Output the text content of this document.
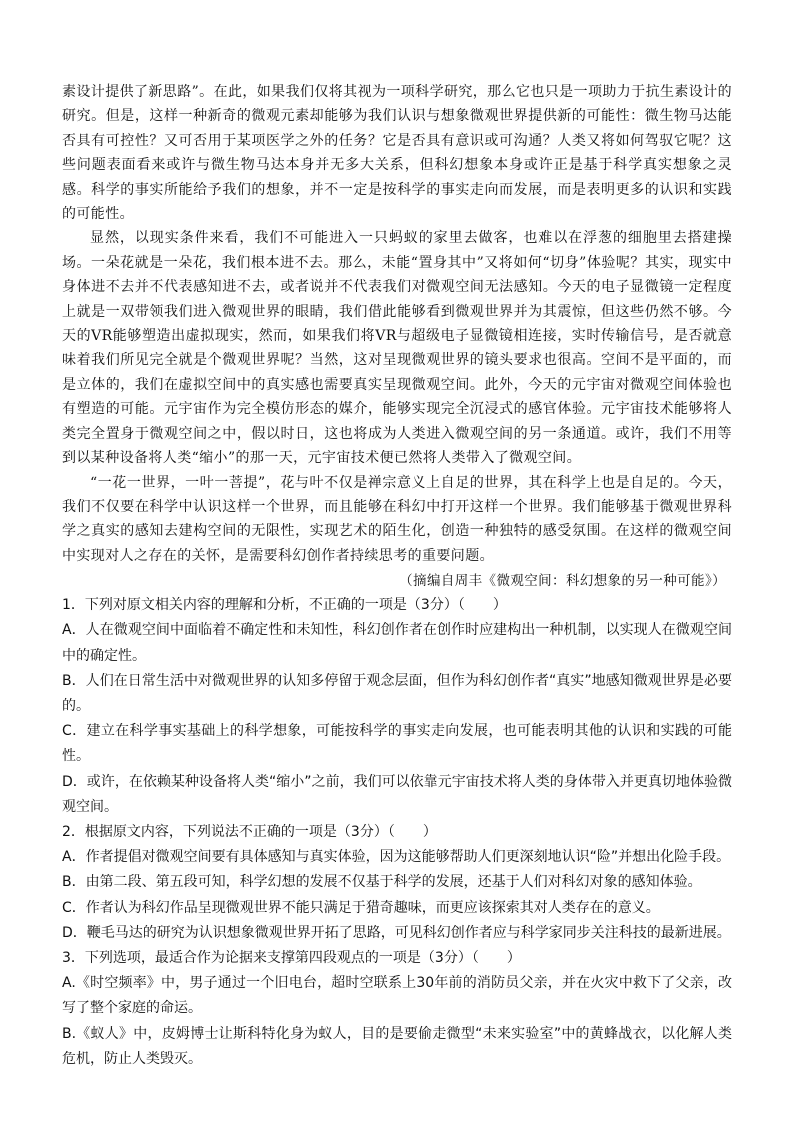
素设计提供了新思路”。在此，如果我们仅将其视为一项科学研究，那么它也只是一项助力于抗生素设计的研究。但是，这样一种新奇的微观元素却能够为我们认识与想象微观世界提供新的可能性：微生物马达能否具有可控性？又可否用于某项医学之外的任务？它是否具有意识或可沟通？人类又将如何驾驭它呢？这些问题表面看来或许与微生物马达本身并无多大关系，但科幻想象本身或许正是基于科学真实想象之灵感。科学的事实所能给予我们的想象，并不一定是按科学的事实走向而发展，而是表明更多的认识和实践的可能性。

显然，以现实条件来看，我们不可能进入一只蚂蚁的家里去做客，也难以在浮葱的细胞里去搭建操场。一朵花就是一朵花，我们根本进不去。那么，未能“置身其中”又将如何“切身”体验呢？其实，现实中身体进不去并不代表感知进不去，或者说并不代表我们对微观空间无法感知。今天的电子显微镜一定程度上就是一双带领我们进入微观世界的眼睛，我们借此能够看到微观世界并为其震惊，但这些仍然不够。今天的VR能够塑造出虚拟现实，然而，如果我们将VR与超级电子显微镜相连接，实时传输信号，是否就意味着我们所见完全就是个微观世界呢？当然，这对呈现微观世界的镜头要求也很高。空间不是平面的，而是立体的，我们在虚拟空间中的真实感也需要真实呈现微观空间。此外，今天的元宇宙对微观空间体验也有塑造的可能。元宇宙作为完全模仿形态的媒介，能够实现完全沉浸式的感官体验。元宇宙技术能够将人类完全置身于微观空间之中，假以时日，这也将成为人类进入微观空间的另一条通道。或许，我们不用等到以某种设备将人类“缩小”的那一天，元宇宙技术便已然将人类带入了微观空间。

“一花一世界，一叶一菩提”，花与叶不仅是禅宗意义上自足的世界，其在科学上也是自足的。今天，我们不仅要在科学中认识这样一个世界，而且能够在科幻中打开这样一个世界。我们能够基于微观世界科学之真实的感知去建构空间的无限性，实现艺术的陌生化，创造一种独特的感受氛围。在这样的微观空间中实现对人之存在的关怀，是需要科幻创作者持续思考的重要问题。

（摘编自周丰《微观空间：科幻想象的另一种可能》）

1．下列对原文相关内容的理解和分析，不正确的一项是（3分）（　　）

A．人在微观空间中面临着不确定性和未知性，科幻创作者在创作时应建构出一种机制，以实现人在微观空间中的确定性。

B．人们在日常生活中对微观世界的认知多停留于观念层面，但作为科幻创作者“真实”地感知微观世界是必要的。

C．建立在科学事实基础上的科学想象，可能按科学的事实走向发展，也可能表明其他的认识和实践的可能性。

D．或许，在依赖某种设备将人类“缩小”之前，我们可以依靠元宇宙技术将人类的身体带入并更真切地体验微观空间。

2．根据原文内容，下列说法不正确的一项是（3分）（　　）

A．作者提倡对微观空间要有具体感知与真实体验，因为这能够帮助人们更深刻地认识“险”并想出化险手段。

B．由第二段、第五段可知，科学幻想的发展不仅基于科学的发展，还基于人们对科幻对象的感知体验。

C．作者认为科幻作品呈现微观世界不能只满足于猎奇趣味，而更应该探索其对人类存在的意义。

D．鞭毛马达的研究为认识想象微观世界开拓了思路，可见科幻创作者应与科学家同步关注科技的最新进展。

3．下列选项，最适合作为论据来支撑第四段观点的一项是（3分）（　　）

A.《时空频率》中，男子通过一个旧电台，超时空联系上30年前的消防员父亲，并在火灾中救下了父亲，改写了整个家庭的命运。

B.《蚁人》中，皮姆博士让斯科特化身为蚁人，目的是要偷走微型“未来实验室”中的黄蜂战衣，以化解人类危机，防止人类毁灭。
